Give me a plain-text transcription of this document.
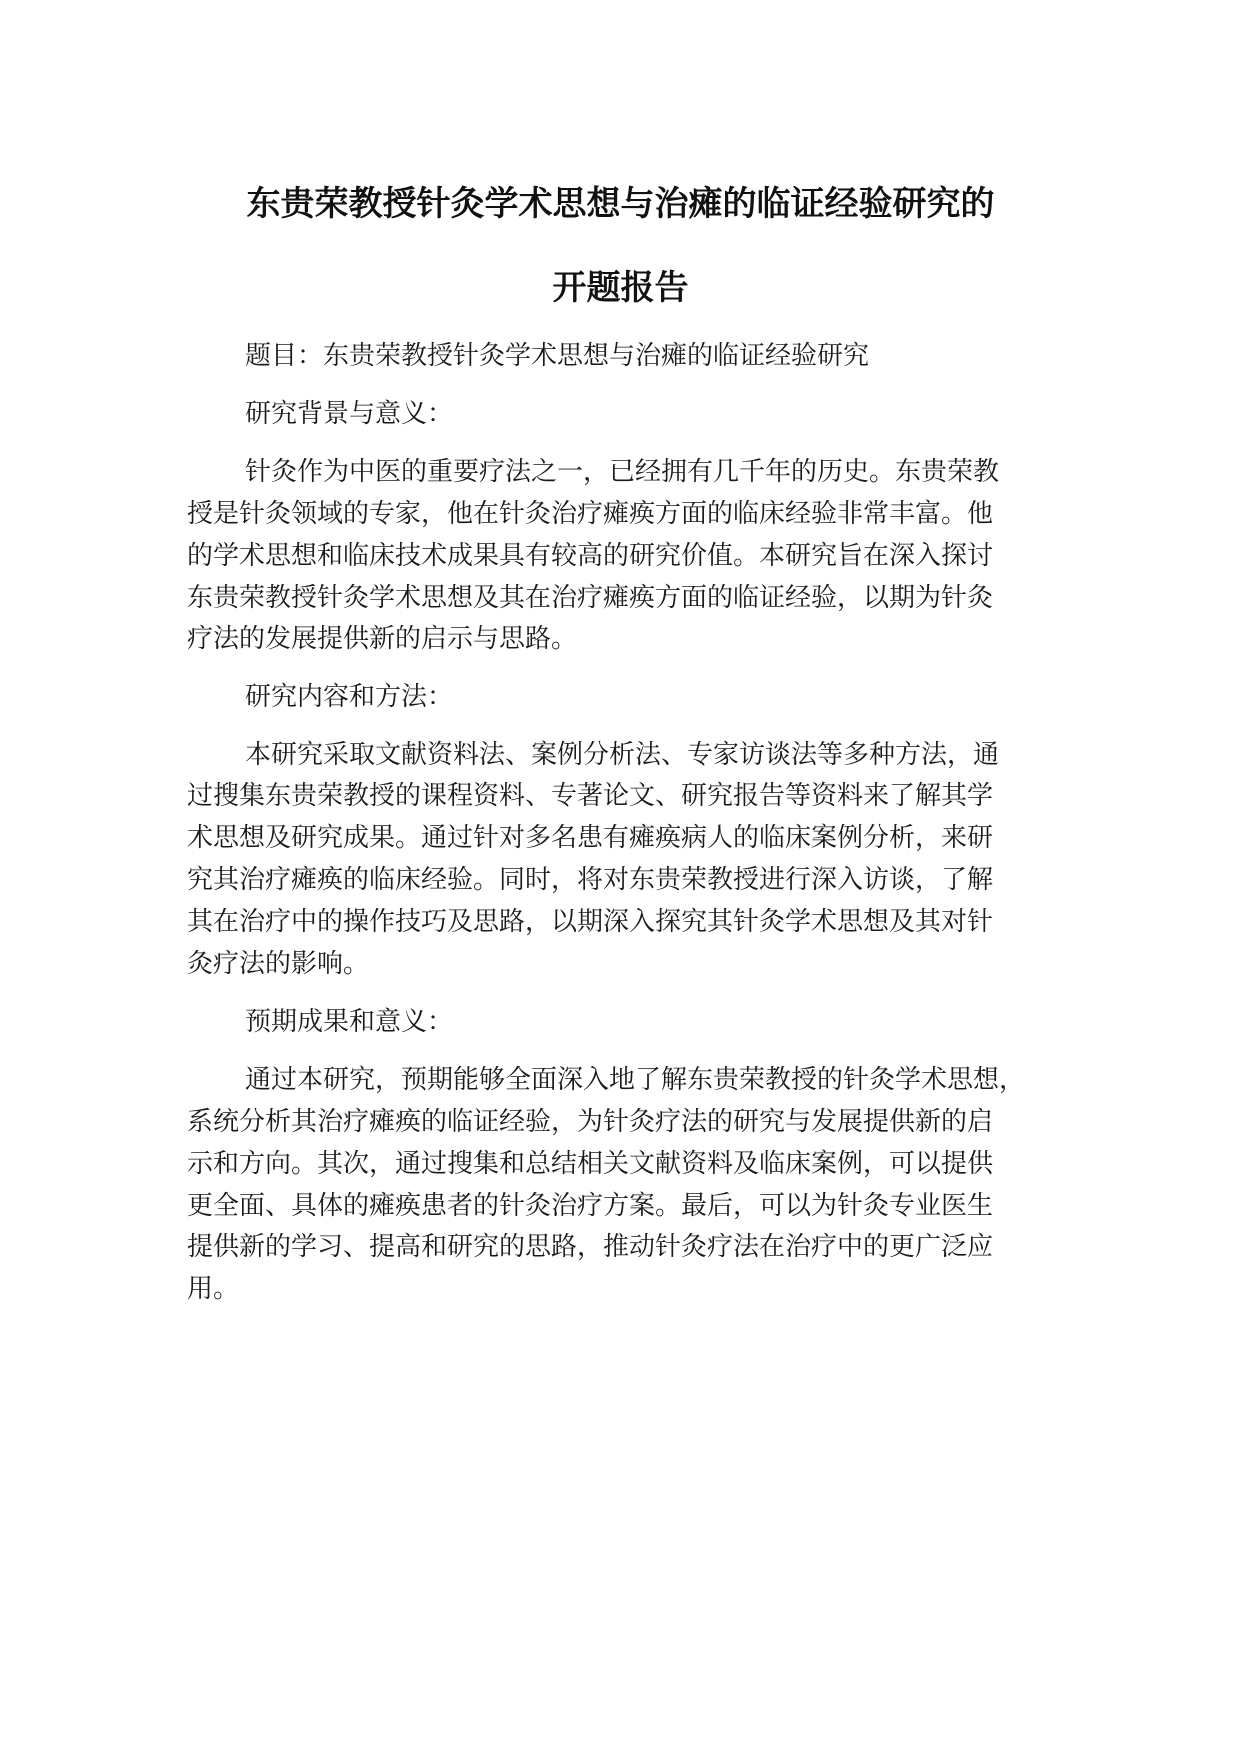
东贵荣教授针灸学术思想与治瘫的临证经验研究的
开题报告
题目：东贵荣教授针灸学术思想与治瘫的临证经验研究
研究背景与意义：
针灸作为中医的重要疗法之一，已经拥有几千年的历史。东贵荣教
授是针灸领域的专家，他在针灸治疗瘫痪方面的临床经验非常丰富。他
的学术思想和临床技术成果具有较高的研究价值。本研究旨在深入探讨
东贵荣教授针灸学术思想及其在治疗瘫痪方面的临证经验，以期为针灸
疗法的发展提供新的启示与思路。
研究内容和方法：
本研究采取文献资料法、案例分析法、专家访谈法等多种方法，通
过搜集东贵荣教授的课程资料、专著论文、研究报告等资料来了解其学
术思想及研究成果。通过针对多名患有瘫痪病人的临床案例分析，来研
究其治疗瘫痪的临床经验。同时，将对东贵荣教授进行深入访谈，了解
其在治疗中的操作技巧及思路，以期深入探究其针灸学术思想及其对针
灸疗法的影响。
预期成果和意义：
通过本研究，预期能够全面深入地了解东贵荣教授的针灸学术思想，
系统分析其治疗瘫痪的临证经验，为针灸疗法的研究与发展提供新的启
示和方向。其次，通过搜集和总结相关文献资料及临床案例，可以提供
更全面、具体的瘫痪患者的针灸治疗方案。最后，可以为针灸专业医生
提供新的学习、提高和研究的思路，推动针灸疗法在治疗中的更广泛应
用。
